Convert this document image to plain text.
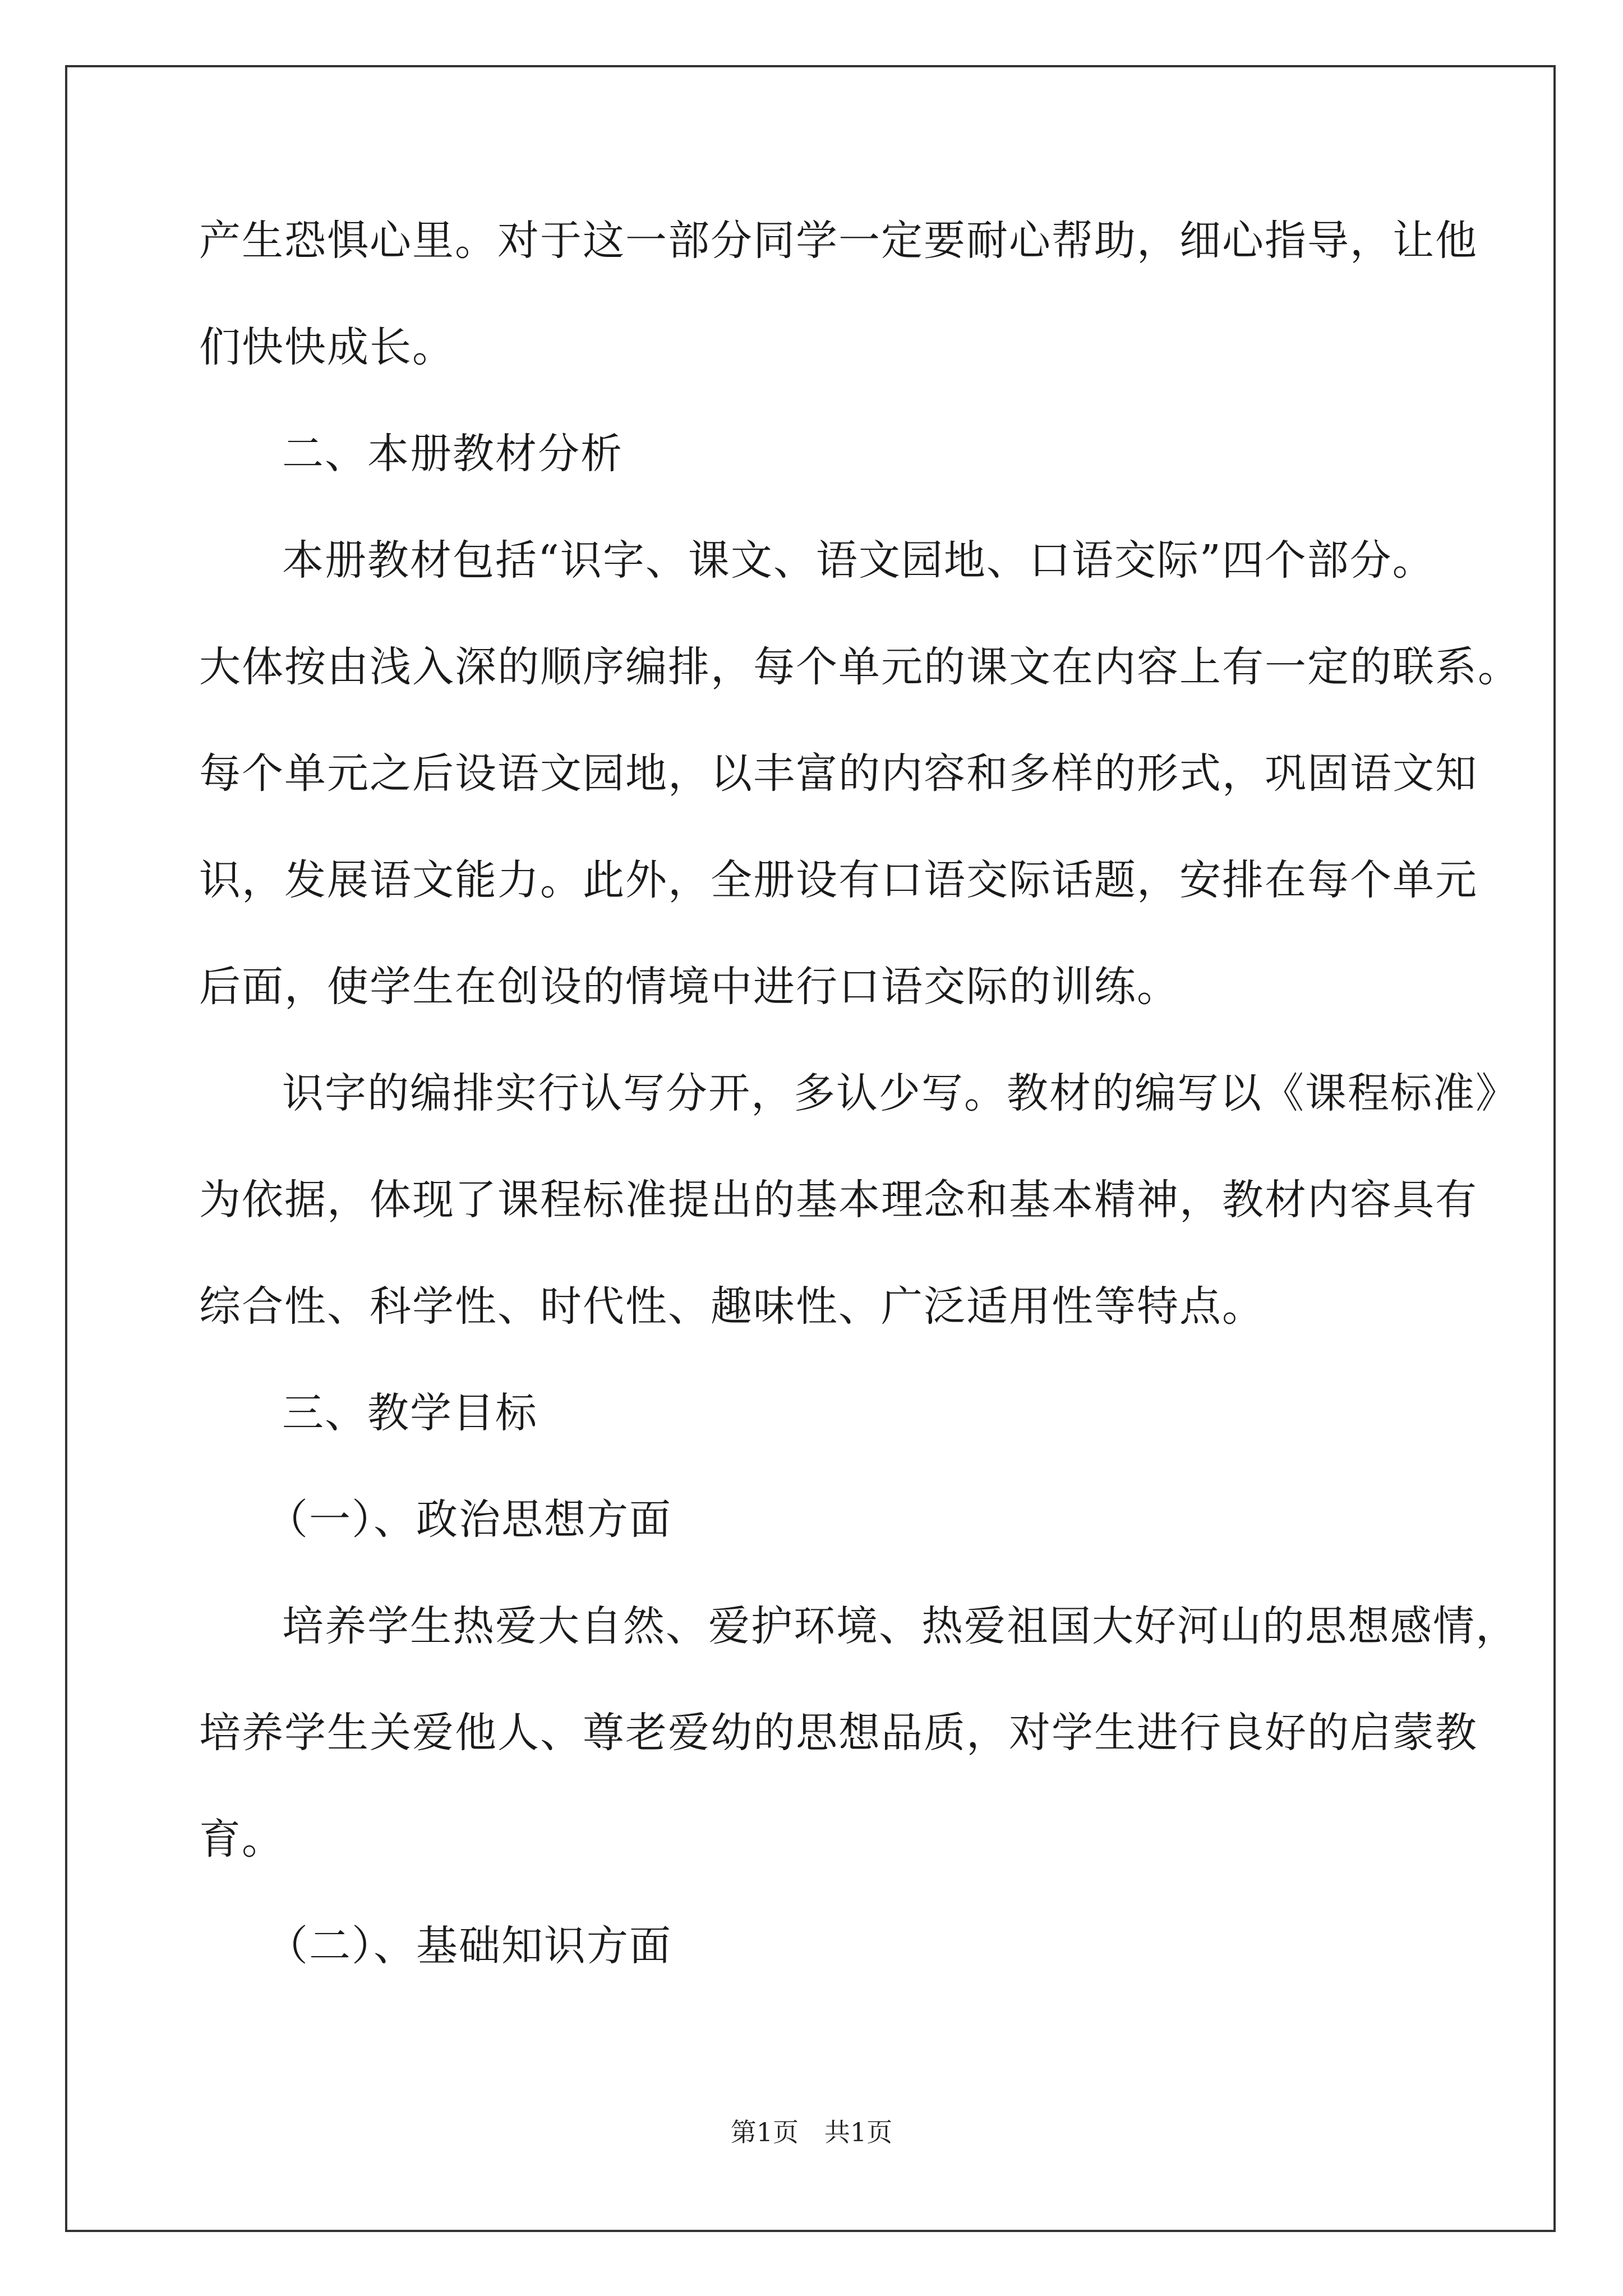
产生恐惧心里。对于这一部分同学一定要耐心帮助，细心指导，让他
们快快成长。
二、本册教材分析
本册教材包括“识字、课文、语文园地、口语交际”四个部分。
大体按由浅入深的顺序编排，每个单元的课文在内容上有一定的联系。
每个单元之后设语文园地，以丰富的内容和多样的形式，巩固语文知
识，发展语文能力。此外，全册设有口语交际话题，安排在每个单元
后面，使学生在创设的情境中进行口语交际的训练。
识字的编排实行认写分开，多认少写。教材的编写以《课程标准》
为依据，体现了课程标准提出的基本理念和基本精神，教材内容具有
综合性、科学性、时代性、趣味性、广泛适用性等特点。
三、教学目标
（一）、政治思想方面
培养学生热爱大自然、爱护环境、热爱祖国大好河山的思想感情，
培养学生关爱他人、尊老爱幼的思想品质，对学生进行良好的启蒙教
育。
（二）、基础知识方面
第1页　共1页
